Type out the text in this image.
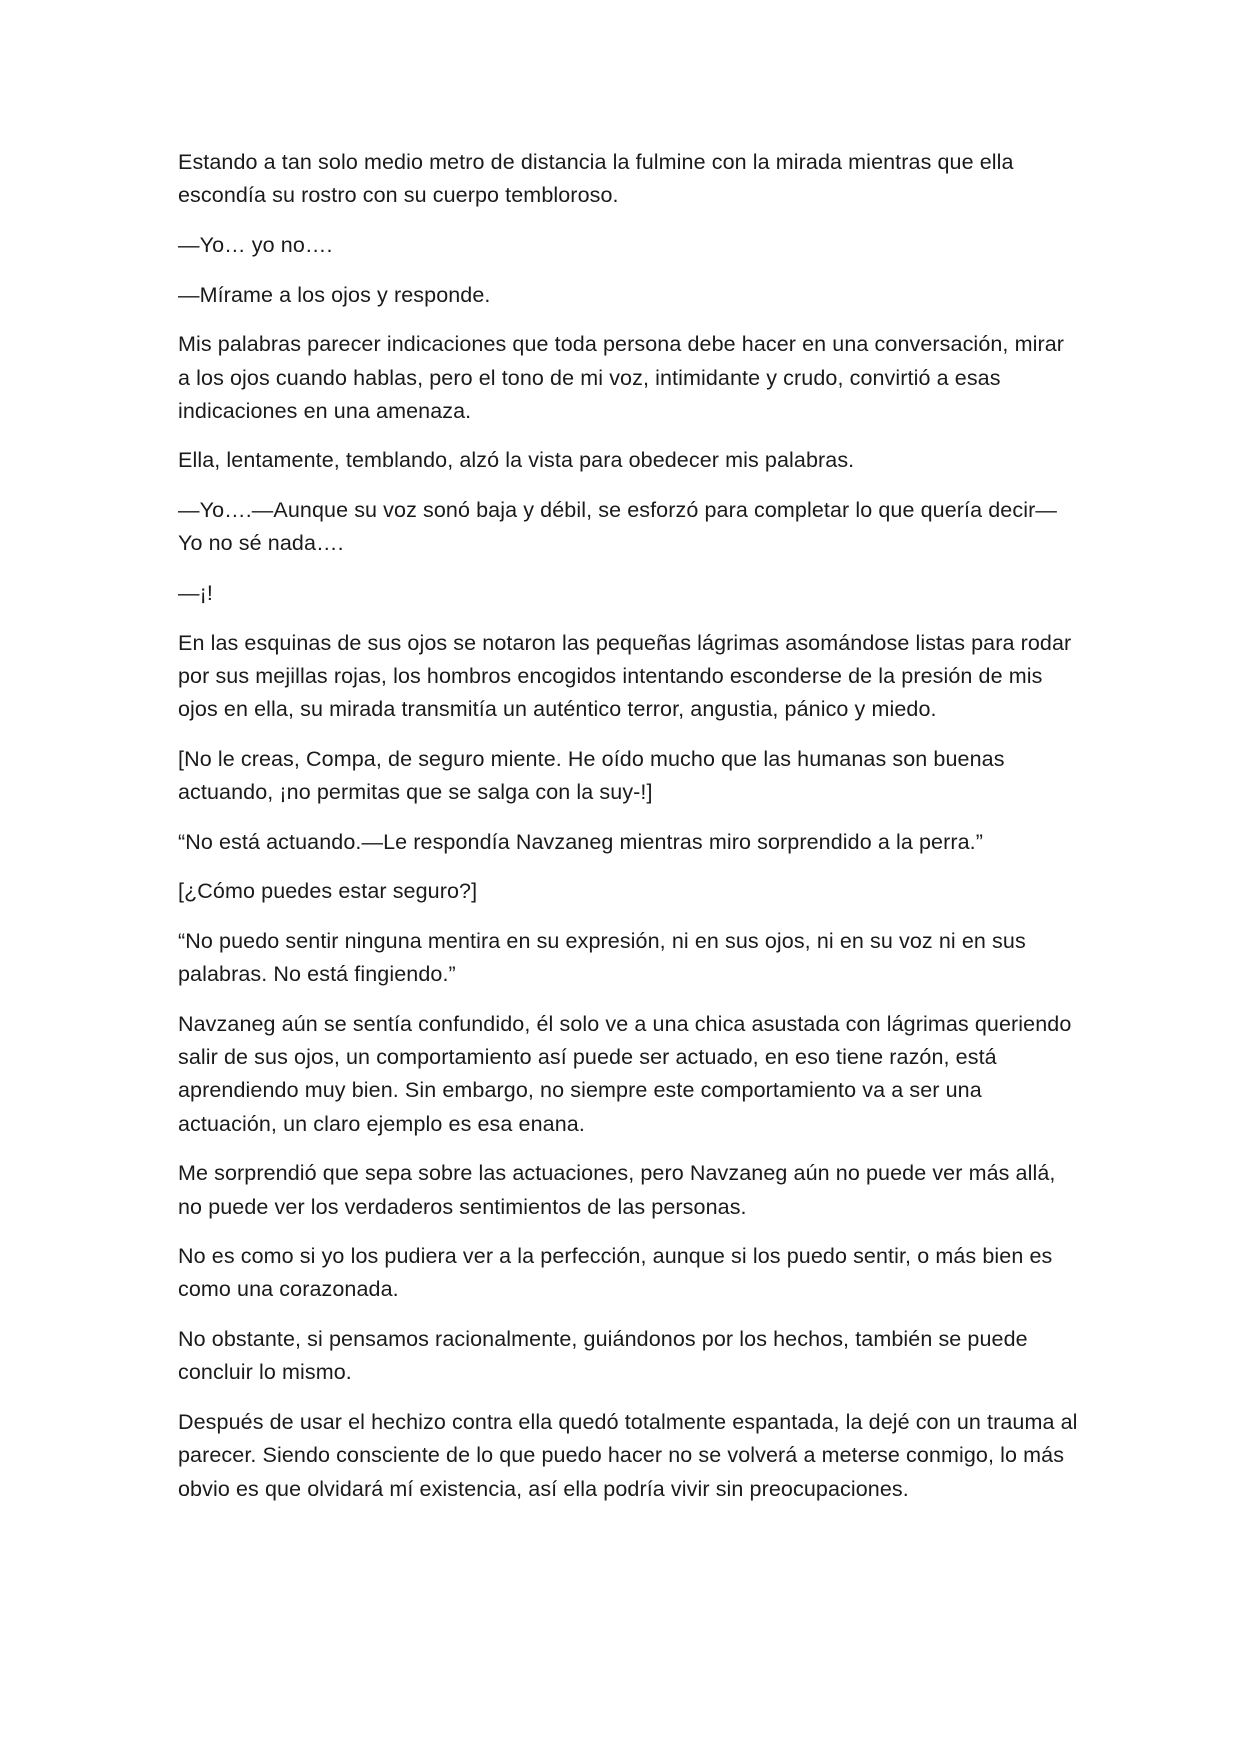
Estando a tan solo medio metro de distancia la fulmine con la mirada mientras que ella escondía su rostro con su cuerpo tembloroso.

—Yo… yo no….

—Mírame a los ojos y responde.

Mis palabras parecer indicaciones que toda persona debe hacer en una conversación, mirar a los ojos cuando hablas, pero el tono de mi voz, intimidante y crudo, convirtió a esas indicaciones en una amenaza.

Ella, lentamente, temblando, alzó la vista para obedecer mis palabras.

—Yo….—Aunque su voz sonó baja y débil, se esforzó para completar lo que quería decir—Yo no sé nada….

—¡!

En las esquinas de sus ojos se notaron las pequeñas lágrimas asomándose listas para rodar por sus mejillas rojas, los hombros encogidos intentando esconderse de la presión de mis ojos en ella, su mirada transmitía un auténtico terror, angustia, pánico y miedo.

[No le creas, Compa, de seguro miente. He oído mucho que las humanas son buenas actuando, ¡no permitas que se salga con la suy-!]

“No está actuando.—Le respondía Navzaneg mientras miro sorprendido a la perra.”

[¿Cómo puedes estar seguro?]

“No puedo sentir ninguna mentira en su expresión, ni en sus ojos, ni en su voz ni en sus palabras. No está fingiendo.”

Navzaneg aún se sentía confundido, él solo ve a una chica asustada con lágrimas queriendo salir de sus ojos, un comportamiento así puede ser actuado, en eso tiene razón, está aprendiendo muy bien. Sin embargo, no siempre este comportamiento va a ser una actuación, un claro ejemplo es esa enana.

Me sorprendió que sepa sobre las actuaciones, pero Navzaneg aún no puede ver más allá, no puede ver los verdaderos sentimientos de las personas.

No es como si yo los pudiera ver a la perfección, aunque si los puedo sentir, o más bien es como una corazonada.

No obstante, si pensamos racionalmente, guiándonos por los hechos, también se puede concluir lo mismo.

Después de usar el hechizo contra ella quedó totalmente espantada, la dejé con un trauma al parecer. Siendo consciente de lo que puedo hacer no se volverá a meterse conmigo, lo más obvio es que olvidará mí existencia, así ella podría vivir sin preocupaciones.
